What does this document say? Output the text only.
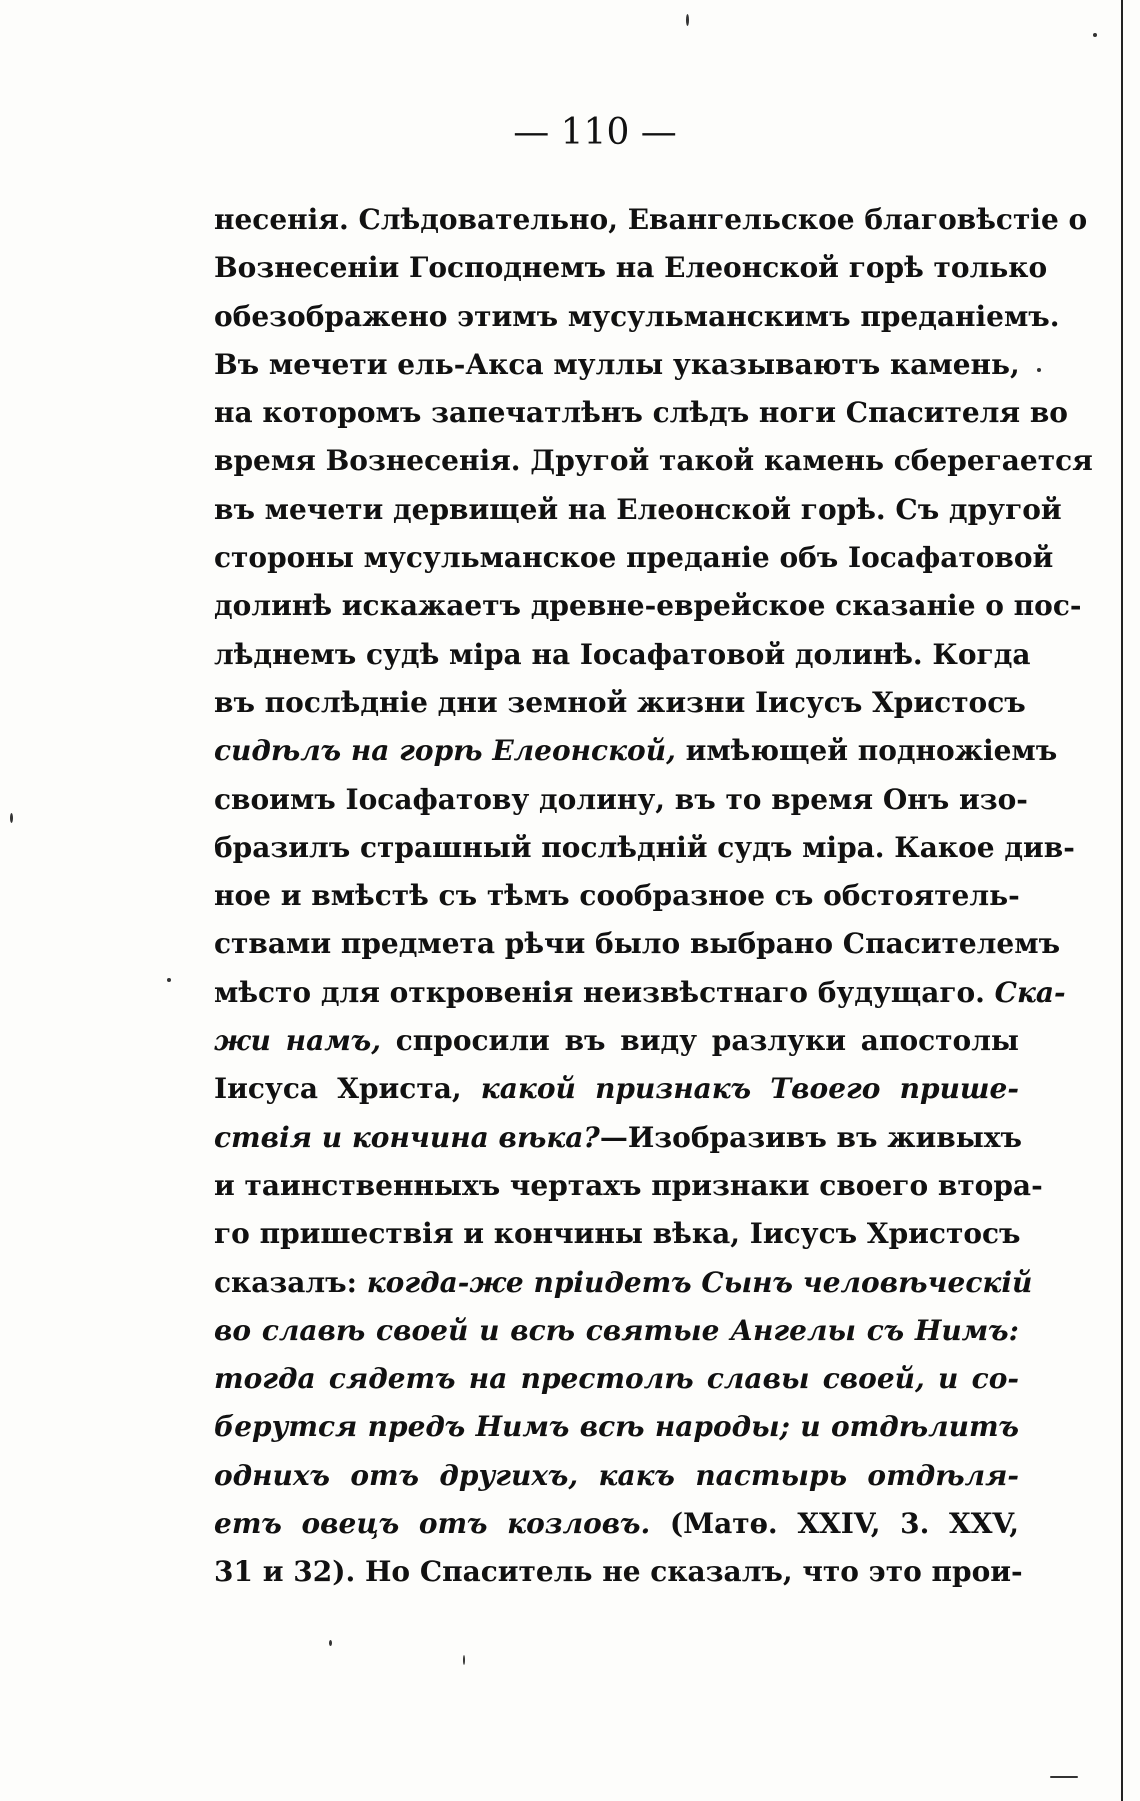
— 110 —
несенія. Слѣдовательно, Евангельское благовѣстіе о
Вознесеніи Господнемъ на Елеонской горѣ только
обезображено этимъ мусульманскимъ преданіемъ.
Въ мечети ель-Акса муллы указываютъ камень,
на которомъ запечатлѣнъ слѣдъ ноги Спасителя во
время Вознесенія. Другой такой камень сберегается
въ мечети дервищей на Елеонской горѣ. Съ другой
стороны мусульманское преданіе объ Іосафатовой
долинѣ искажаетъ древне-еврейское сказаніе о пос-
лѣднемъ судѣ міра на Іосафатовой долинѣ. Когда
въ послѣдніе дни земной жизни Іисусъ Христосъ
сидѣлъ на горѣ Елеонской, имѣющей подножіемъ
своимъ Іосафатову долину, въ то время Онъ изо-
бразилъ страшный послѣдній судъ міра. Какое див-
ное и вмѣстѣ съ тѣмъ сообразное съ обстоятель-
ствами предмета рѣчи было выбрано Спасителемъ
мѣсто для откровенія неизвѣстнаго будущаго. Ска-
жи намъ, спросили въ виду разлуки апостолы
Іисуса Христа, какой признакъ Твоего прише-
ствія и кончина вѣка?—Изобразивъ въ живыхъ
и таинственныхъ чертахъ признаки своего втора-
го пришествія и кончины вѣка, Іисусъ Христосъ
сказалъ: когда-же пріидетъ Сынъ человѣческій
во славѣ своей и всѣ святые Ангелы съ Нимъ:
тогда сядетъ на престолѣ славы своей, и со-
берутся предъ Нимъ всѣ народы; и отдѣлитъ
однихъ отъ другихъ, какъ пастырь отдѣля-
етъ овецъ отъ козловъ. (Матѳ. XXIV, 3. XXV,
31 и 32). Но Спаситель не сказалъ, что это прои-
